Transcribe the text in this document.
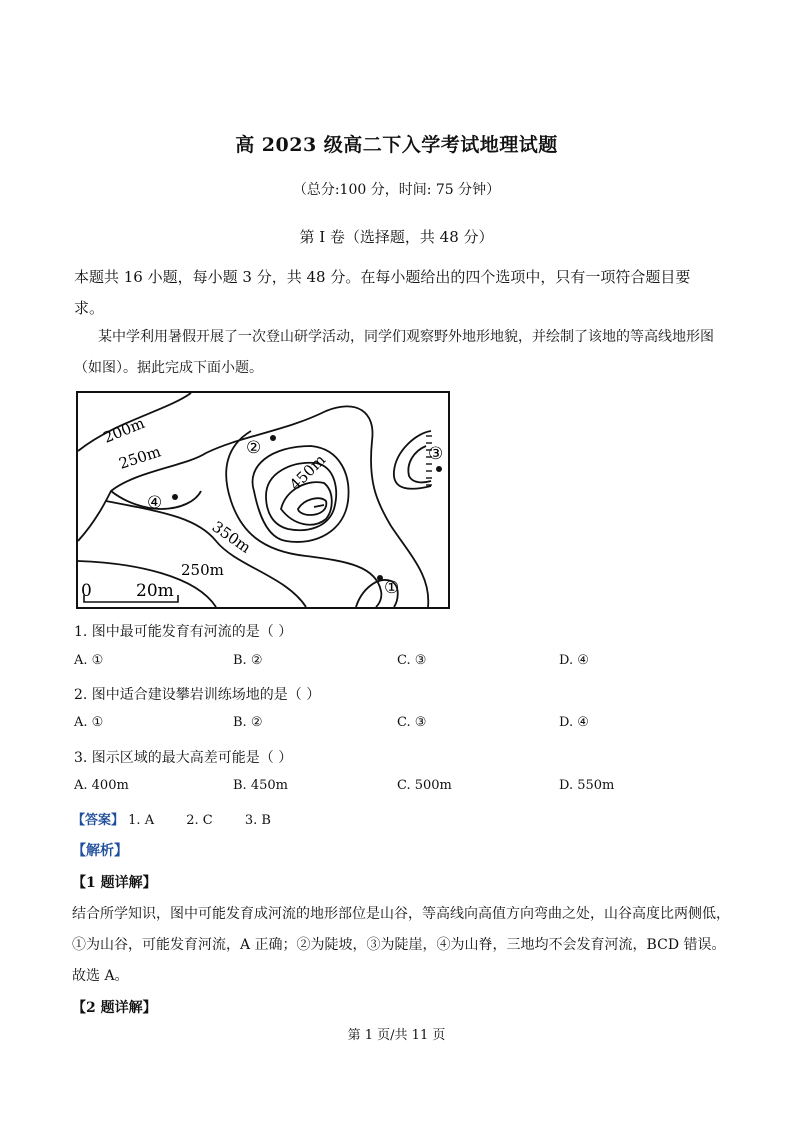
高 2023 级高二下入学考试地理试题
（总分:100 分，时间: 75 分钟）
第 I 卷（选择题，共 48 分）
本题共 16 小题，每小题 3 分，共 48 分。在每小题给出的四个选项中，只有一项符合题目要
求。
某中学利用暑假开展了一次登山研学活动，同学们观察野外地形地貌，并绘制了该地的等高线地形图
（如图）。据此完成下面小题。
200m
250m	450m
350m
250m
②	③
④
①
0	20m
1. 图中最可能发育有河流的是（ ）
A. ①	B. ②	C. ③	D. ④
2. 图中适合建设攀岩训练场地的是（ ）
A. ①	B. ②	C. ③	D. ④
3. 图示区域的最大高差可能是（ ）
A. 400m	B. 450m	C. 500m	D. 550m
【答案】 1. A 2. C 3. B
【解析】
【1 题详解】
结合所学知识，图中可能发育成河流的地形部位是山谷，等高线向高值方向弯曲之处，山谷高度比两侧低，
①为山谷，可能发育河流，A 正确；②为陡坡，③为陡崖，④为山脊，三地均不会发育河流，BCD 错误。
故选 A。
【2 题详解】
第 1 页/共 11 页
